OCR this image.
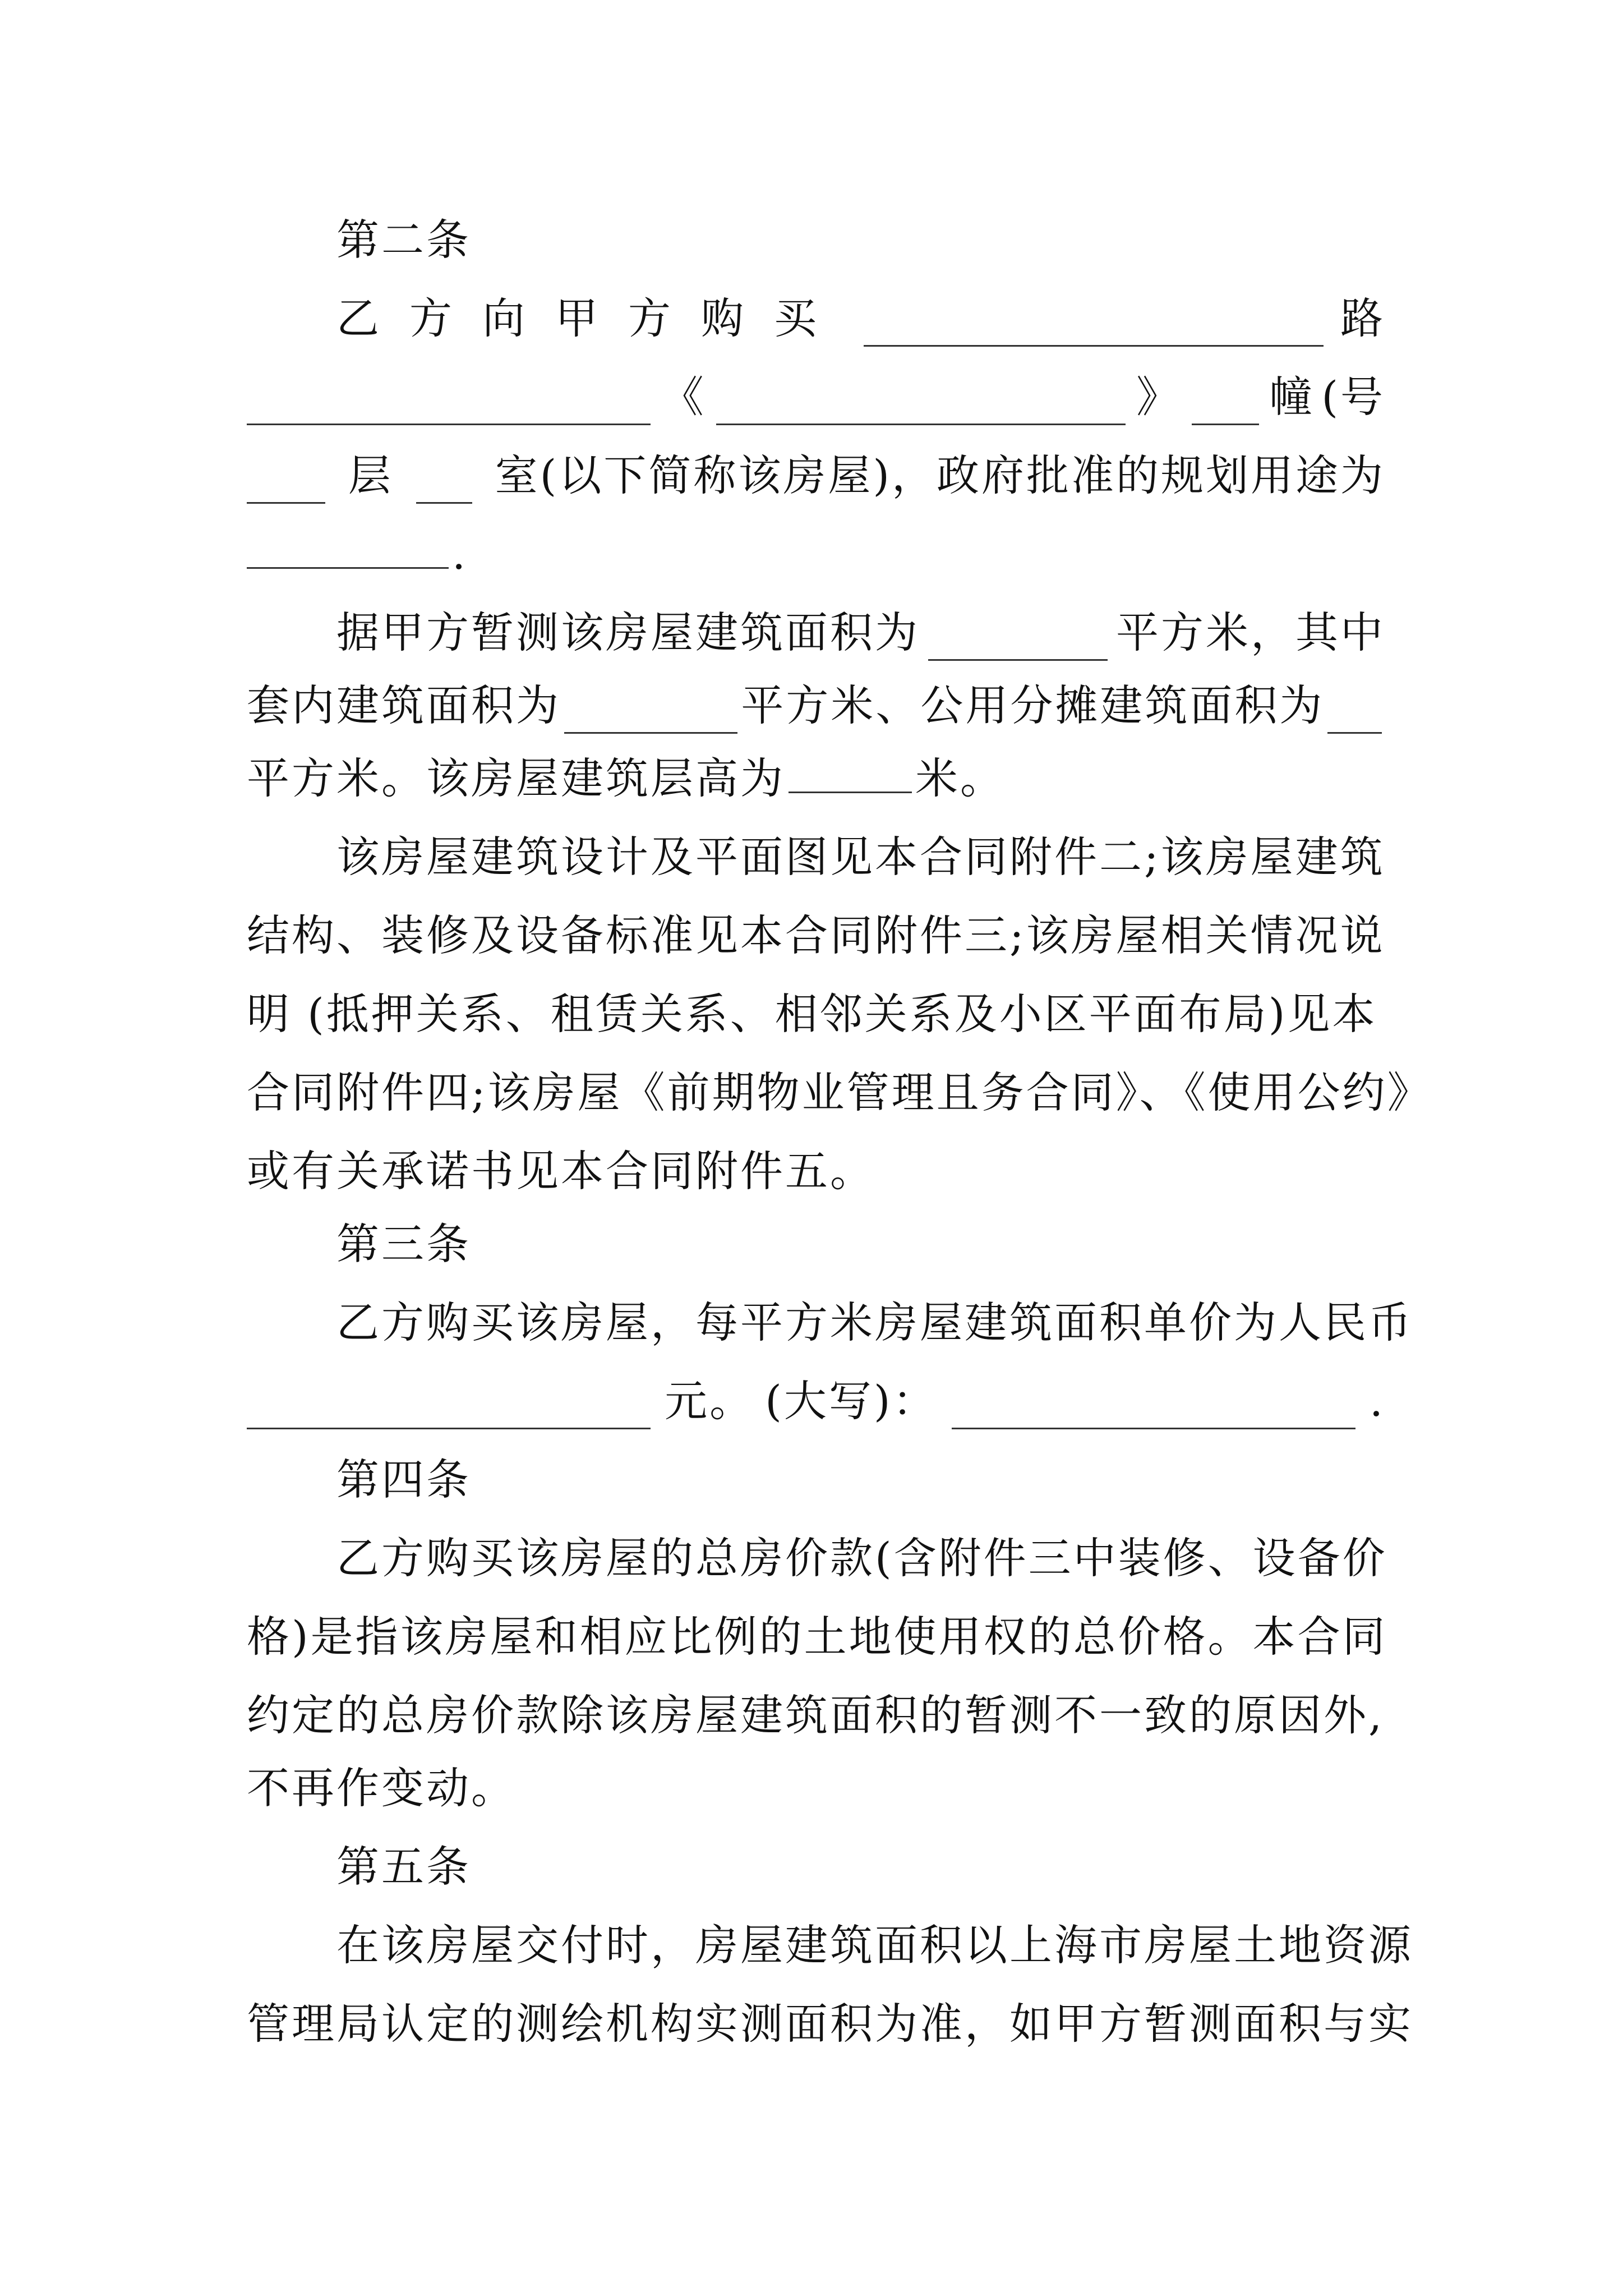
第二条
乙方向甲方购买	路
《	》 幢 (号
层 室(以下简称该房屋)，政府批准的规划用途为
.
据甲方暂测该房屋建筑面积为	平方米，其中
套内建筑面积为	平方米、公用分摊建筑面积为
平方米。该房屋建筑层高为	米。
该房屋建筑设计及平面图见本合同附件二;该房屋建筑
结构、装修及设备标准见本合同附件三;该房屋相关情况说
明 (抵押关系、租赁关系、相邻关系及小区平面布局)见本
合同附件四;该房屋《前期物业管理且务合同》、《使用公约》
或有关承诺书见本合同附件五。
第三条
乙方购买该房屋，每平方米房屋建筑面积单价为人民币
元。 (大写)：	.
第四条
乙方购买该房屋的总房价款(含附件三中装修、设备价
格)是指该房屋和相应比例的土地使用权的总价格。本合同
约定的总房价款除该房屋建筑面积的暂测不一致的原因外,
不再作变动。
第五条
在该房屋交付时，房屋建筑面积以上海市房屋土地资源
管理局认定的测绘机构实测面积为准，如甲方暂测面积与实
